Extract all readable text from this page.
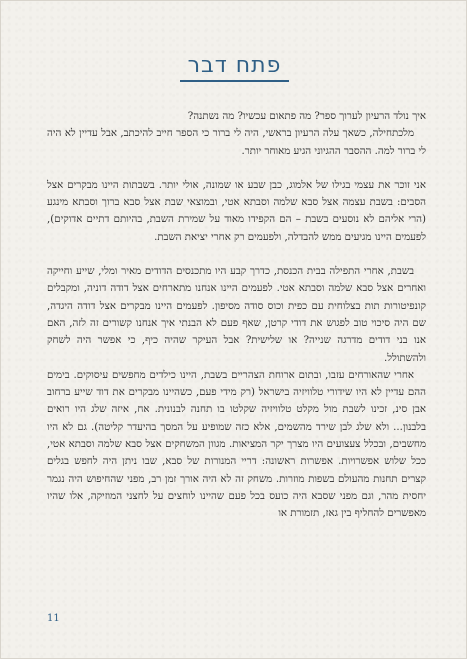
פתח דבר

איך נולד הרעיון לערוך ספר? מה פתאום עכשיו? מה נשתנה?

מלכתחילה, כשאך עלה הרעיון בראשי, היה לי ברור כי הספר חייב להיכתב, אבל עדיין לא היה לי ברור למה. ההסבר ההגיוני הגיע מאוחר יותר.

אני זוכר את עצמי בגילו של אלמוג, כבן שבע או שמונה, אולי יותר. בשבתות היינו מבקרים אצל הסבים: בשבת עצמה אצל סבא שלמה וסבתא אטי, ובמוצאי שבת אצל סבא ברוך וסבתא מינגע (הרי אליהם לא נוסעים בשבת – הם הקפידו מאוד על שמירת השבת, בהיותם דתיים אדוקים), לפעמים היינו מגיעים ממש להבדלה, ולפעמים רק אחרי יציאת השבת.

בשבת, אחרי התפילה בבית הכנסת, כדרך קבע היו מתכנסים הדודים מאיר ומלי, שייע וחייקה ואחרים אצל סבא שלמה וסבתא אטי. לפעמים היינו אנחנו מתארחים אצל דודה דוניה, ומקבלים קונפיטורות תות בצלוחית עם כפית וכוס סודה מסיפון. לפעמים היינו מבקרים אצל דודה היגדה, שם היה סיכוי טוב לפגוש את דודי קרטן, שאף פעם לא הבנתי איך אנחנו קשורים זה לזה, האם אנו בני דודים מדרגה שנייה? או שלישית? אבל העיקר שהיה כיף, כי אפשר היה לשחק ולהשתולל.

אחרי שהאורחים עזבו, ובתום ארוחת הצהריים בשבת, היינו כילדים מחפשים עיסוקים. בימים ההם עדיין לא היו שידורי טלוויזיה בישראל (רק מידי פעם, כשהיינו מבקרים את דוד שייע ברחוב אבן סינ, זכינו לשבת מול מקלט טלוויזיה שקלטו בו תחנה לבנונית. אח, איזה שלג היו רואים בלבנון... ולא שלג לבן שירד מהשמים, אלא כזה שמופיע על המסך בהיעדר קליטה). גם לא היו מחשבים, ובכלל צעצועים היו מצרך יקר המציאות. מגוון המשחקים אצל סבא שלמה וסבתא אטי, ככל שלוש אפשרויות. אפשרות ראשונה: דריי המנורות של סבא, שבו ניתן היה לחפש בגלים קצרים תחנות מהעולם בשפות מוזרות. משחק זה לא היה אורך זמן רב, מפני שהחיפוש היה נגמר יחסית מהר, וגם מפני שסבא היה כועס בכל פעם שהיינו לוחצים על לחצני המוזיקה, אלו שהיו מאפשרים להחליף בין גאז, תזמורת או

11
